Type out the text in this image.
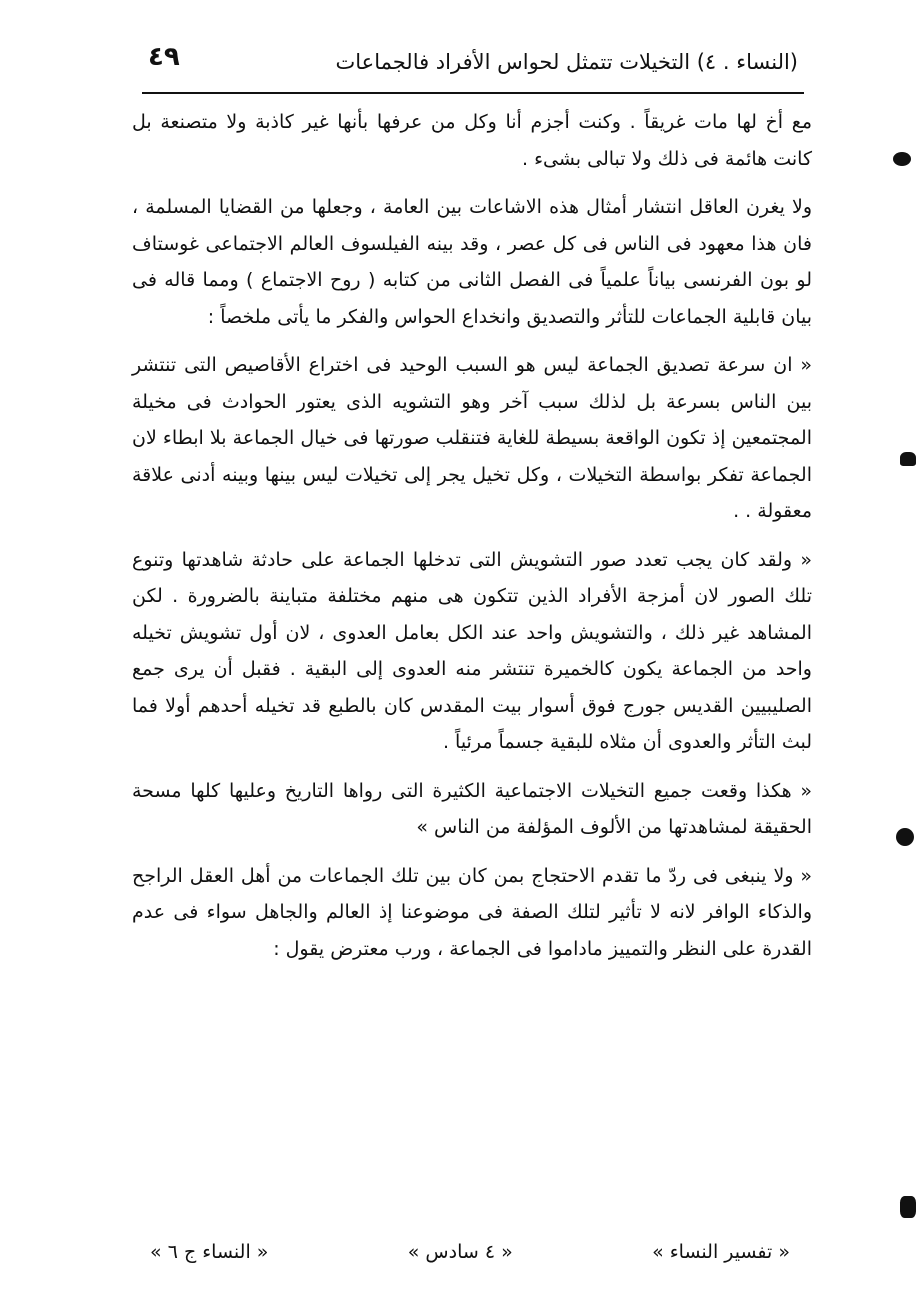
(النساء . ٤) التخيلات تتمثل لحواس الأفراد فالجماعات
٤٩

مع أخ لها مات غريقاً . وكنت أجزم أنا وكل من عرفها بأنها غير كاذبة ولا متصنعة بل كانت هائمة فى ذلك ولا تبالى بشىء .

ولا يغرن العاقل انتشار أمثال هذه الاشاعات بين العامة ، وجعلها من القضايا المسلمة ، فان هذا معهود فى الناس فى كل عصر ، وقد بينه الفيلسوف العالم الاجتماعى غوستاف لو بون الفرنسى بياناً علمياً فى الفصل الثانى من كتابه ( روح الاجتماع ) ومما قاله فى بيان قابلية الجماعات للتأثر والتصديق وانخداع الحواس والفكر ما يأتى ملخصاً :

« ان سرعة تصديق الجماعة ليس هو السبب الوحيد فى اختراع الأقاصيص التى تنتشر بين الناس بسرعة بل لذلك سبب آخر وهو التشويه الذى يعتور الحوادث فى مخيلة المجتمعين إذ تكون الواقعة بسيطة للغاية فتنقلب صورتها فى خيال الجماعة بلا ابطاء لان الجماعة تفكر بواسطة التخيلات ، وكل تخيل يجر إلى تخيلات ليس بينها وبينه أدنى علاقة معقولة . .

« ولقد كان يجب تعدد صور التشويش التى تدخلها الجماعة على حادثة شاهدتها وتنوع تلك الصور لان أمزجة الأفراد الذين تتكون هى منهم مختلفة متباينة بالضرورة . لكن المشاهد غير ذلك ، والتشويش واحد عند الكل بعامل العدوى ، لان أول تشويش تخيله واحد من الجماعة يكون كالخميرة تنتشر منه العدوى إلى البقية . فقبل أن يرى جمع الصليبيين القديس جورج فوق أسوار بيت المقدس كان بالطبع قد تخيله أحدهم أولا فما لبث التأثر والعدوى أن مثلاه للبقية جسماً مرئياً .

« هكذا وقعت جميع التخيلات الاجتماعية الكثيرة التى رواها التاريخ وعليها كلها مسحة الحقيقة لمشاهدتها من الألوف المؤلفة من الناس »

« ولا ينبغى فى ردّ ما تقدم الاحتجاج بمن كان بين تلك الجماعات من أهل العقل الراجح والذكاء الوافر لانه لا تأثير لتلك الصفة فى موضوعنا إذ العالم والجاهل سواء فى عدم القدرة على النظر والتمييز ماداموا فى الجماعة ، ورب معترض يقول :

« تفسير النساء »
« ٤ سادس »
« النساء ج ٦ »
